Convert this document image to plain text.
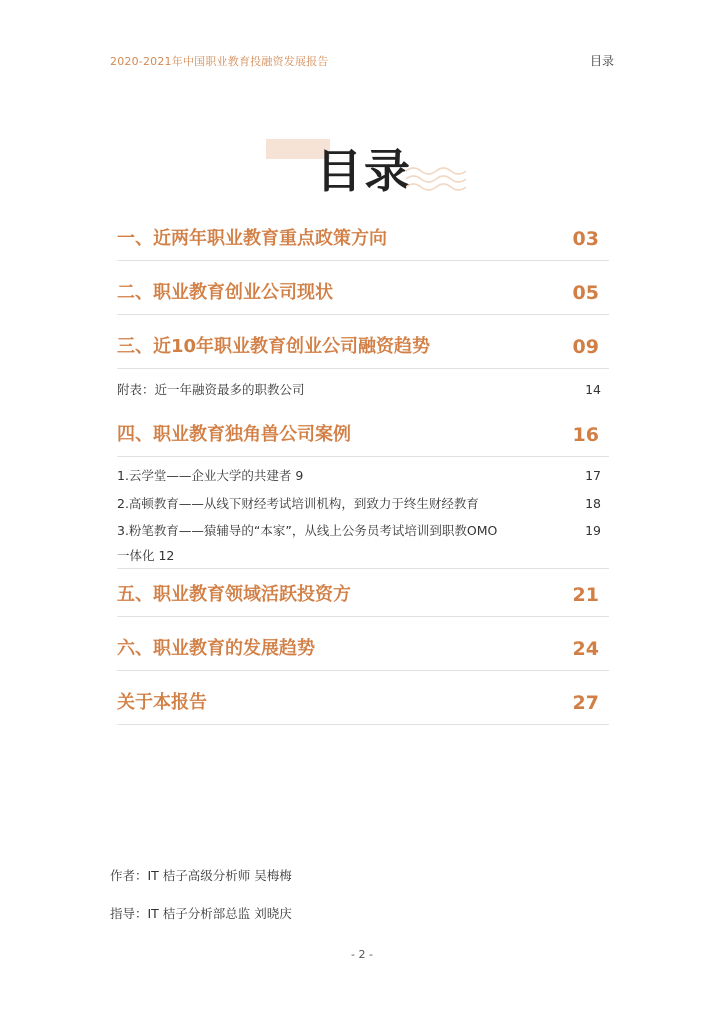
2020-2021年中国职业教育投融资发展报告	目录
目录
一、近两年职业教育重点政策方向	03
二、职业教育创业公司现状	05
三、近10年职业教育创业公司融资趋势	09
附表：近一年融资最多的职教公司	14
四、职业教育独角兽公司案例	16
1.云学堂——企业大学的共建者 9	17
2.高顿教育——从线下财经考试培训机构，到致力于终生财经教育	18
3.粉笔教育——猿辅导的“本家”，从线上公务员考试培训到职教OMO	19
一体化 12
五、职业教育领域活跃投资方	21
六、职业教育的发展趋势	24
关于本报告	27
作者：IT 桔子高级分析师 吴梅梅
指导：IT 桔子分析部总监 刘晓庆
- 2 -
